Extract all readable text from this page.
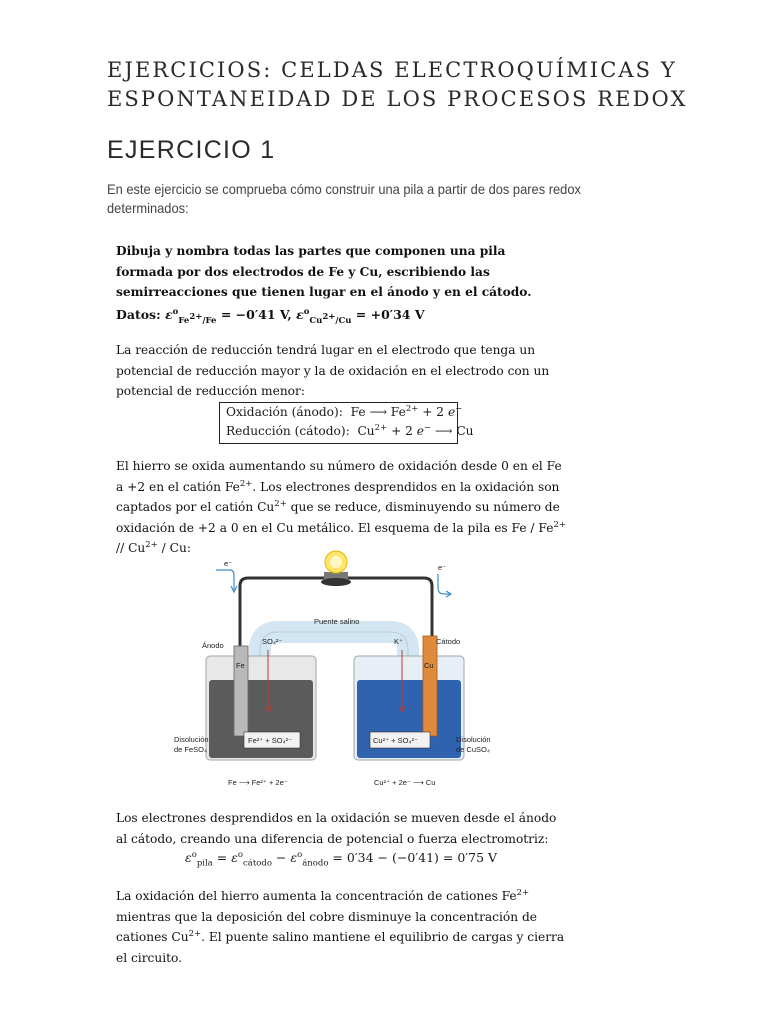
EJERCICIOS: CELDAS ELECTROQUÍMICAS Y
ESPONTANEIDAD DE LOS PROCESOS REDOX
EJERCICIO 1
En este ejercicio se comprueba cómo construir una pila a partir de dos pares redox determinados:
Dibuja y nombra todas las partes que componen una pila formada por dos electrodos de Fe y Cu, escribiendo las semirreacciones que tienen lugar en el ánodo y en el cátodo.
Datos: $\varepsilon^o_{Fe^{2+}/Fe} = -0'41$ V, $\varepsilon^o_{Cu^{2+}/Cu} = +0'34$ V
La reacción de reducción tendrá lugar en el electrodo que tenga un potencial de reducción mayor y la de oxidación en el electrodo con un potencial de reducción menor:
Oxidación (ánodo):  Fe ⟶ $Fe^{2+} + 2$ e−
Reducción (cátodo):  $Cu^{2+} + 2$ e− ⟶ Cu
El hierro se oxida aumentando su número de oxidación desde 0 en el Fe a +2 en el catión $Fe^{2+}$. Los electrones desprendidos en la oxidación son captados por el catión $Cu^{2+}$ que se reduce, disminuyendo su número de oxidación de +2 a 0 en el Cu metálico. El esquema de la pila es Fe / $Fe^{2+} // Cu^{2+}$ / Cu:
e⁻	e⁻
Puente salino
Fe	Cu
SO₄²⁻	K⁺
Ánodo	Cátodo
Fe²⁺ + SO₄²⁻	Cu²⁺ + SO₄²⁻
Disolución
de FeSO₄
Disolución
de CuSO₄
Fe ⟶ Fe²⁺ + 2e⁻	Cu²⁺ + 2e⁻ ⟶ Cu
Los electrones desprendidos en la oxidación se mueven desde el ánodo al cátodo, creando una diferencia de potencial o fuerza electromotriz:
$\varepsilon^o_{pila} = \varepsilon^o_{cátodo} - \varepsilon^o_{ánodo} = 0'34 - (-0'41) = 0'75$ V
La oxidación del hierro aumenta la concentración de cationes $Fe^{2+}$ mientras que la deposición del cobre disminuye la concentración de cationes $Cu^{2+}$. El puente salino mantiene el equilibrio de cargas y cierra el circuito.
